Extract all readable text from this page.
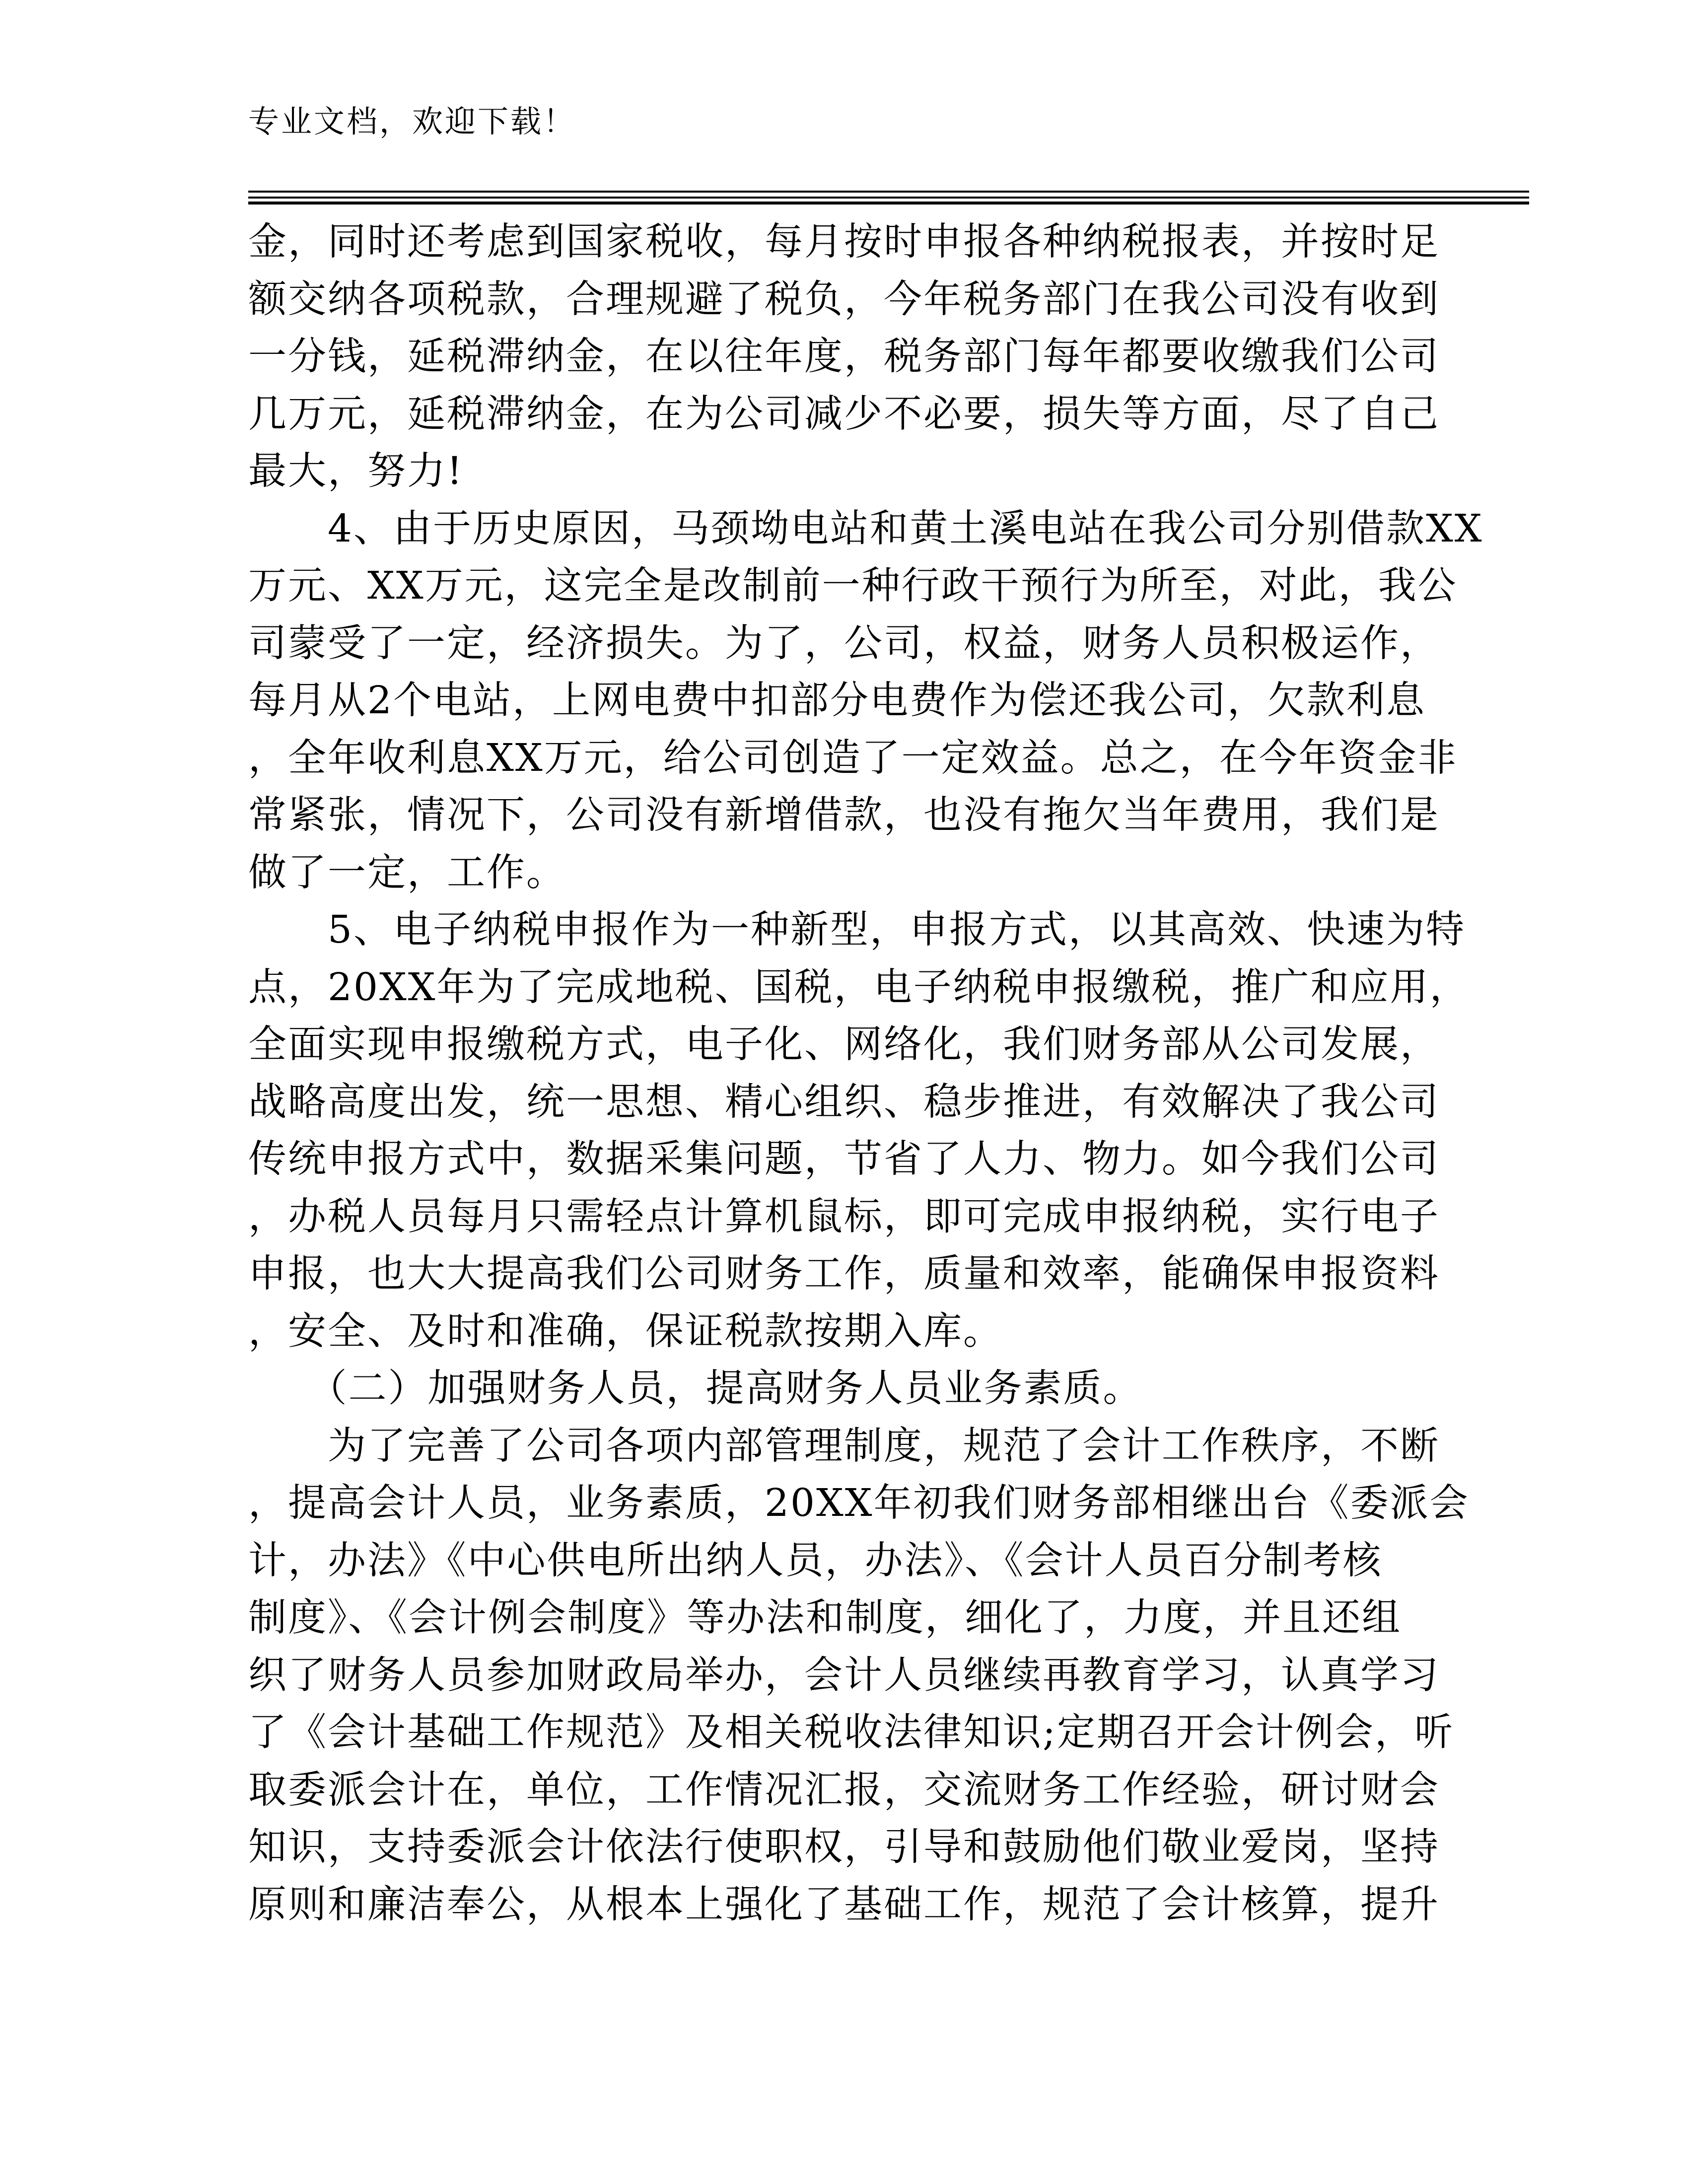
专业文档，欢迎下载！
金，同时还考虑到国家税收，每月按时申报各种纳税报表，并按时足
额交纳各项税款，合理规避了税负，今年税务部门在我公司没有收到
一分钱，延税滞纳金，在以往年度，税务部门每年都要收缴我们公司
几万元，延税滞纳金，在为公司减少不必要，损失等方面，尽了自己
最大，努力!
　　4、由于历史原因，马颈坳电站和黄土溪电站在我公司分别借款XX
万元、XX万元，这完全是改制前一种行政干预行为所至，对此，我公
司蒙受了一定，经济损失。为了，公司，权益，财务人员积极运作，
每月从2个电站，上网电费中扣部分电费作为偿还我公司，欠款利息
，全年收利息XX万元，给公司创造了一定效益。总之，在今年资金非
常紧张，情况下，公司没有新增借款，也没有拖欠当年费用，我们是
做了一定，工作。
　　5、电子纳税申报作为一种新型，申报方式，以其高效、快速为特
点，20XX年为了完成地税、国税，电子纳税申报缴税，推广和应用，
全面实现申报缴税方式，电子化、网络化，我们财务部从公司发展，
战略高度出发，统一思想、精心组织、稳步推进，有效解决了我公司
传统申报方式中，数据采集问题，节省了人力、物力。如今我们公司
，办税人员每月只需轻点计算机鼠标，即可完成申报纳税，实行电子
申报，也大大提高我们公司财务工作，质量和效率，能确保申报资料
，安全、及时和准确，保证税款按期入库。
　　（二）加强财务人员，提高财务人员业务素质。
　　为了完善了公司各项内部管理制度，规范了会计工作秩序，不断
，提高会计人员，业务素质，20XX年初我们财务部相继出台《委派会
计，办法》《中心供电所出纳人员，办法》、《会计人员百分制考核
制度》、《会计例会制度》等办法和制度，细化了，力度，并且还组
织了财务人员参加财政局举办，会计人员继续再教育学习，认真学习
了《会计基础工作规范》及相关税收法律知识;定期召开会计例会，听
取委派会计在，单位，工作情况汇报，交流财务工作经验，研讨财会
知识，支持委派会计依法行使职权，引导和鼓励他们敬业爱岗，坚持
原则和廉洁奉公，从根本上强化了基础工作，规范了会计核算，提升
